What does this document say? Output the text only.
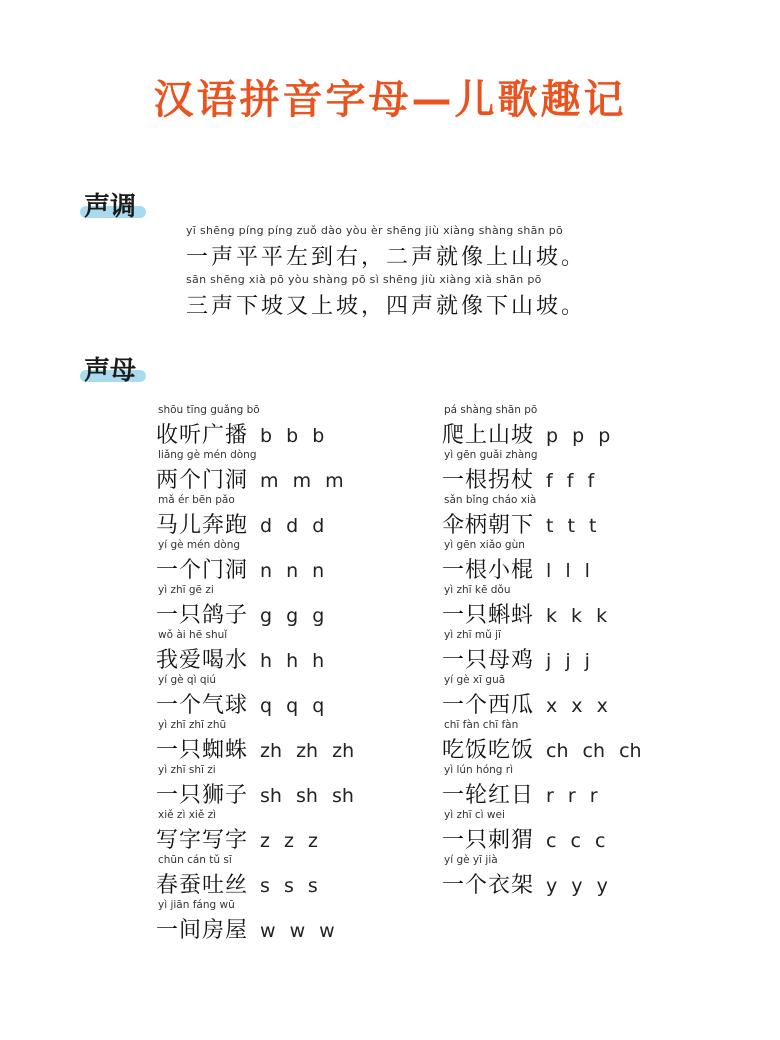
汉语拼音字母—儿歌趣记
声调
yī shēng píng píng zuǒ dào yòu èr shēng jiù xiàng shàng shān pō
一声平平左到右，二声就像上山坡。
sān shēng xià pō yòu shàng pō sì shēng jiù xiàng xià shān pō
三声下坡又上坡，四声就像下山坡。
声母
shōu tīng guǎng bō
收听广播 b b b
liǎng gè mén dòng
两个门洞 m m m
mǎ ér bēn pǎo
马儿奔跑 d d d
yí gè mén dòng
一个门洞 n n n
yì zhī gē zi
一只鸽子 g g g
wǒ ài hē shuǐ
我爱喝水 h h h
yí gè qì qiú
一个气球 q q q
yì zhī zhī zhū
一只蜘蛛 zh zh zh
yì zhī shī zi
一只狮子 sh sh sh
xiě zì xiě zì
写字写字 z z z
chūn cán tǔ sī
春蚕吐丝 s s s
yì jiān fáng wū
一间房屋 w w w
pá shàng shān pō
爬上山坡 p p p
yì gēn guǎi zhàng
一根拐杖 f f f
sǎn bǐng cháo xià
伞柄朝下 t t t
yì gēn xiǎo gùn
一根小棍 l l l
yì zhī kē dǒu
一只蝌蚪 k k k
yì zhī mǔ jī
一只母鸡 j j j
yí gè xī guā
一个西瓜 x x x
chī fàn chī fàn
吃饭吃饭 ch ch ch
yì lún hóng rì
一轮红日 r r r
yì zhī cì wei
一只刺猬 c c c
yí gè yī jià
一个衣架 y y y
